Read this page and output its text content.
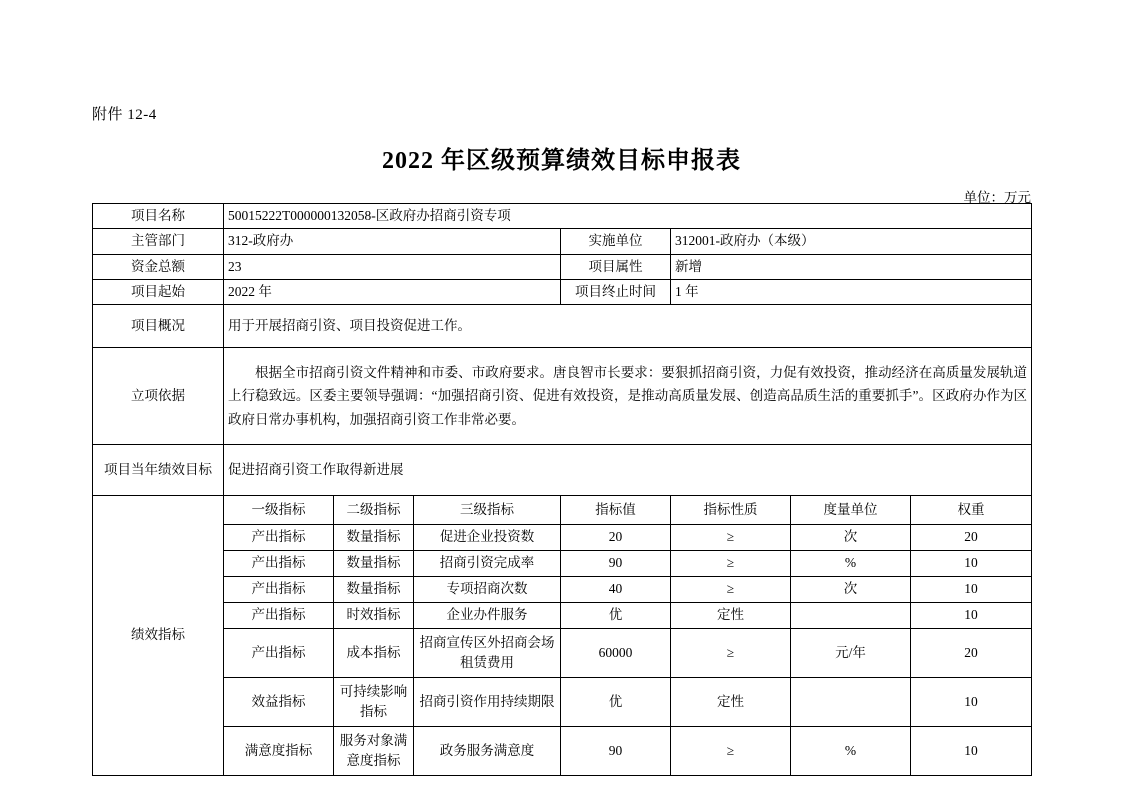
附件 12-4
2022 年区级预算绩效目标申报表
单位：万元
项目名称	50015222T000000132058-区政府办招商引资专项						
主管部门	312-政府办			实施单位	312001-政府办（本级）		
资金总额	23			项目属性	新增		
项目起始	2022 年			项目终止时间	1 年		
项目概况	用于开展招商引资、项目投资促进工作。						
立项依据	根据全市招商引资文件精神和市委、市政府要求。唐良智市长要求：要狠抓招商引资，力促有效投资，推动经济在高质量发展轨道上行稳致远。区委主要领导强调：“加强招商引资、促进有效投资，是推动高质量发展、创造高品质生活的重要抓手”。区政府办作为区政府日常办事机构，加强招商引资工作非常必要。						

项目当年绩效目标	促进招商引资工作取得新进展						
绩效指标	一级指标	二级指标	三级指标	指标值	指标性质	度量单位	权重
	产出指标	数量指标	促进企业投资数	20	≥	次	20
	产出指标	数量指标	招商引资完成率	90	≥	%	10
	产出指标	数量指标	专项招商次数	40	≥	次	10
	产出指标	时效指标	企业办件服务	优	定性		10
	产出指标	成本指标	招商宣传区外招商会场租赁费用	60000	≥	元/年	20
	效益指标	可持续影响指标	招商引资作用持续期限	优	定性		10
	满意度指标	服务对象满意度指标	政务服务满意度	90	≥	%	10
